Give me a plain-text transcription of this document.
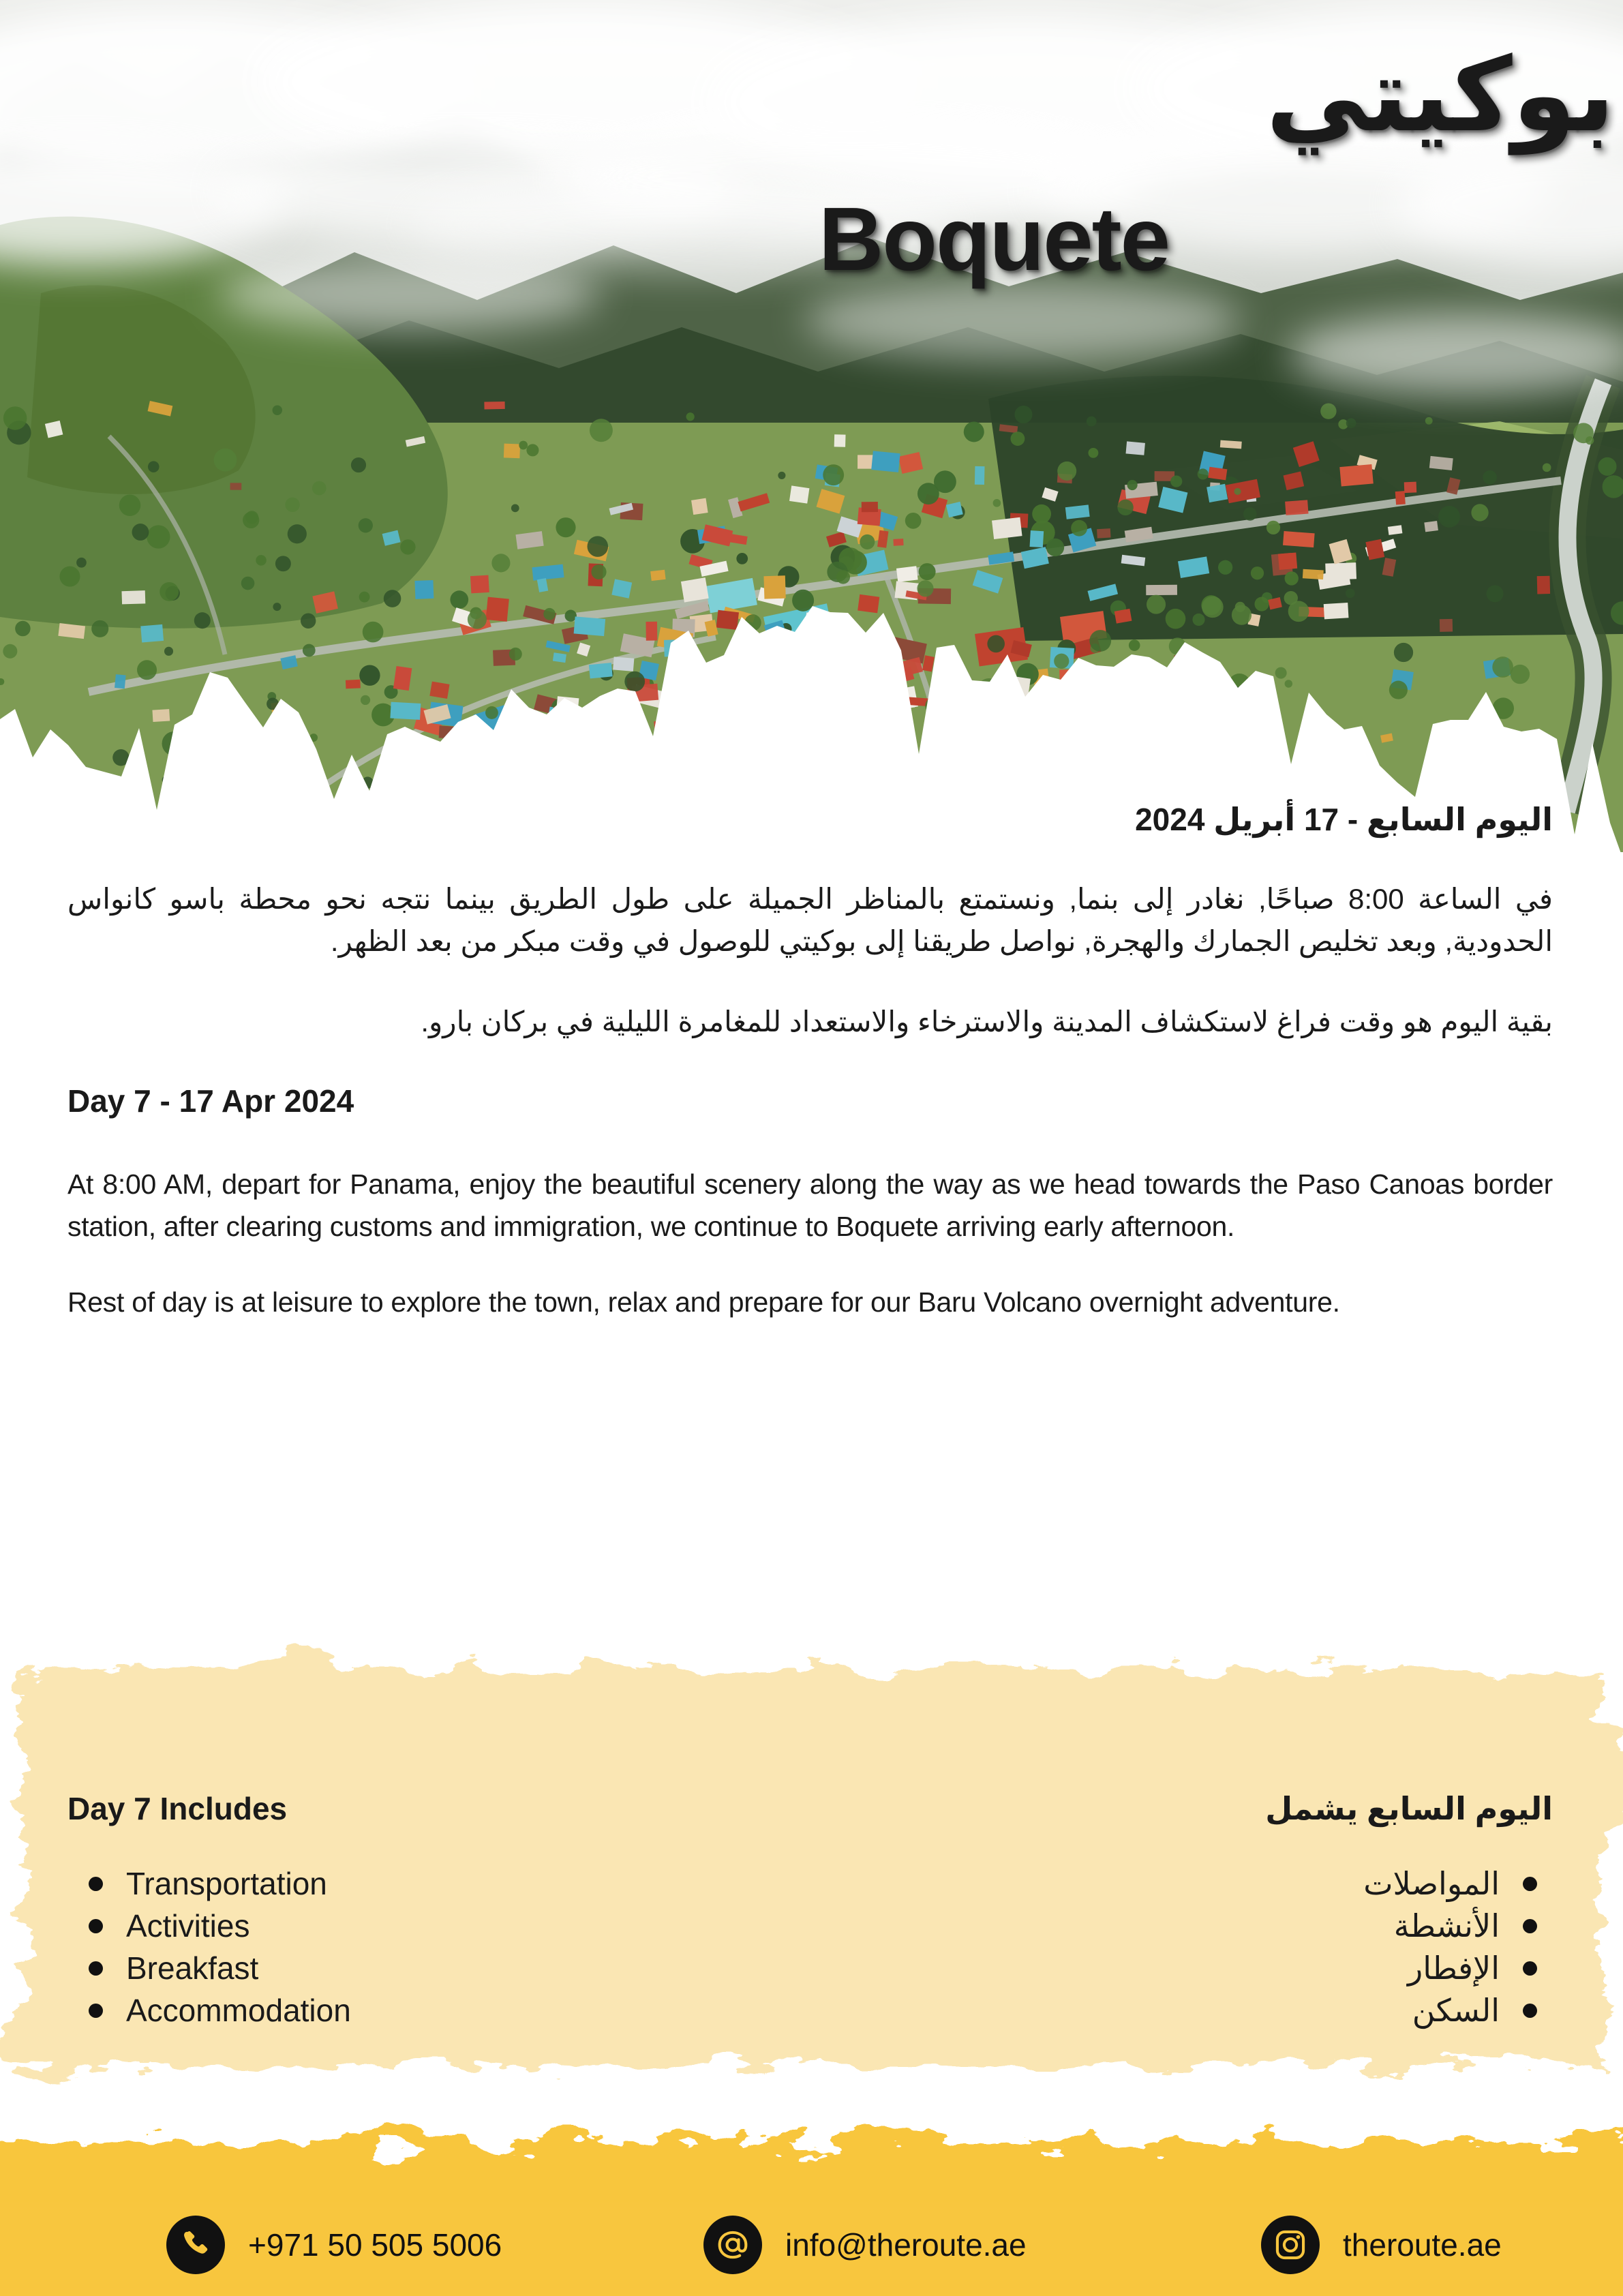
بوكيتي
Boquete
اليوم السابع - 17 أبريل 2024
في الساعة 8:00 صباحًا, نغادر إلى بنما, ونستمتع بالمناظر الجميلة على طول الطريق بينما نتجه نحو محطة باسو كانواس الحدودية, وبعد تخليص الجمارك والهجرة, نواصل طريقنا إلى بوكيتي للوصول في وقت مبكر من بعد الظهر.
بقية اليوم هو وقت فراغ لاستكشاف المدينة والاسترخاء والاستعداد للمغامرة الليلية في بركان بارو.
Day 7 - 17 Apr 2024
At 8:00 AM, depart for Panama, enjoy the beautiful scenery along the way as we head towards the Paso Canoas border station, after clearing customs and immigration, we continue to Boquete arriving early afternoon.
Rest of day is at leisure to explore the town, relax and prepare for our Baru Volcano overnight adventure.
Day 7 Includes	اليوم السابع يشمل
Transportation
Activities
Breakfast
Accommodation
المواصلات
الأنشطة
الإفطار
السكن
+971 50 505 5006	info@theroute.ae	theroute.ae
